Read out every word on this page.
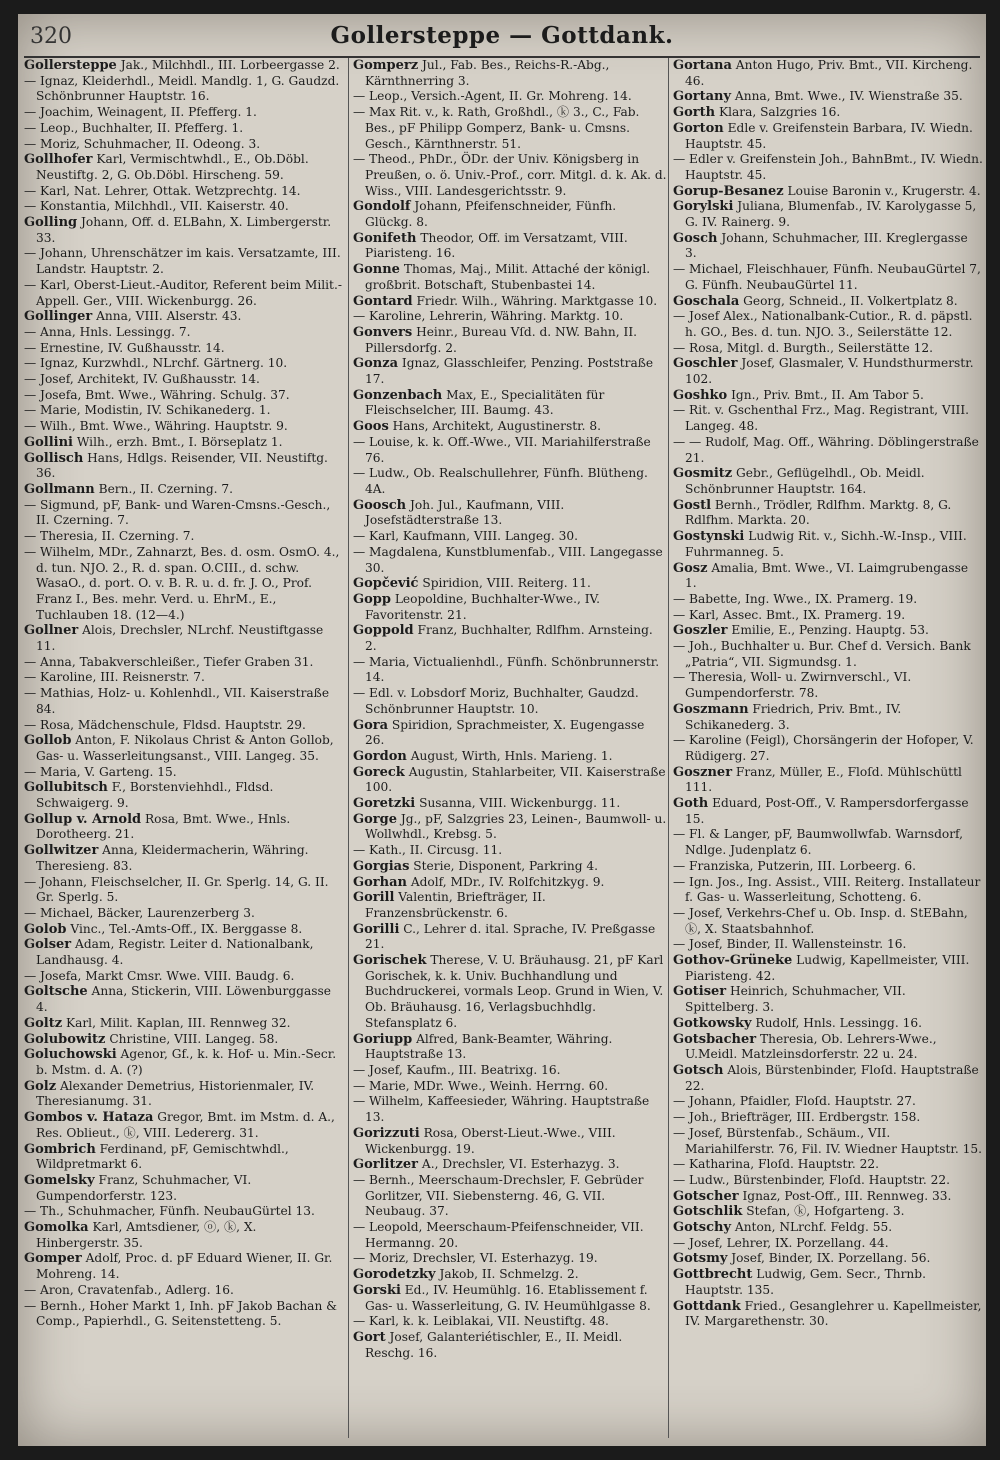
320	Gollersteppe — Gottdank.

Gollersteppe Jak., Milchhdl., III. Lorbeergasse 2.

— Ignaz, Kleiderhdl., Meidl. Mandlg. 1, G. Gaudzd. Schönbrunner Hauptstr. 16.

— Joachim, Weinagent, II. Pfefferg. 1.

— Leop., Buchhalter, II. Pfefferg. 1.

— Moriz, Schuhmacher, II. Odeong. 3.

Gollhofer Karl, Vermischtwhdl., E., Ob.Döbl. Neustiftg. 2, G. Ob.Döbl. Hirscheng. 59.

— Karl, Nat. Lehrer, Ottak. Wetzprechtg. 14.

— Konstantia, Milchhdl., VII. Kaiserstr. 40.

Golling Johann, Off. d. ELBahn, X. Limbergerstr. 33.

— Johann, Uhrenschätzer im kais. Versatzamte, III. Landstr. Hauptstr. 2.

— Karl, Oberst-Lieut.-Auditor, Referent beim Milit.-Appell. Ger., VIII. Wickenburgg. 26.

Gollinger Anna, VIII. Alserstr. 43.

— Anna, Hnls. Lessingg. 7.

— Ernestine, IV. Gußhausstr. 14.

— Ignaz, Kurzwhdl., NLrchf. Gärtnerg. 10.

— Josef, Architekt, IV. Gußhausstr. 14.

— Josefa, Bmt. Wwe., Währing. Schulg. 37.

— Marie, Modistin, IV. Schikanederg. 1.

— Wilh., Bmt. Wwe., Währing. Hauptstr. 9.

Gollini Wilh., erzh. Bmt., I. Börseplatz 1.

Gollisch Hans, Hdlgs. Reisender, VII. Neustiftg. 36.

Gollmann Bern., II. Czerning. 7.

— Sigmund, pF, Bank- und Waren-Cmsns.-Gesch., II. Czerning. 7.

— Theresia, II. Czerning. 7.

— Wilhelm, MDr., Zahnarzt, Bes. d. osm. OsmO. 4., d. tun. NJO. 2., R. d. span. O.CIII., d. schw. WasaO., d. port. O. v. B. R. u. d. fr. J. O., Prof. Franz I., Bes. mehr. Verd. u. EhrM., E., Tuchlauben 18. (12—4.)

Gollner Alois, Drechsler, NLrchf. Neustiftgasse 11.

— Anna, Tabakverschleißer., Tiefer Graben 31.

— Karoline, III. Reisnerstr. 7.

— Mathias, Holz- u. Kohlenhdl., VII. Kaiserstraße 84.

— Rosa, Mädchenschule, Fldsd. Hauptstr. 29.

Gollob Anton, F. Nikolaus Christ & Anton Gollob, Gas- u. Wasserleitungsanst., VIII. Langeg. 35.

— Maria, V. Garteng. 15.

Gollubitsch F., Borstenviehhdl., Fldsd. Schwaigerg. 9.

Gollup v. Arnold Rosa, Bmt. Wwe., Hnls. Dorotheerg. 21.

Gollwitzer Anna, Kleidermacherin, Währing. Theresieng. 83.

— Johann, Fleischselcher, II. Gr. Sperlg. 14, G. II. Gr. Sperlg. 5.

— Michael, Bäcker, Laurenzerberg 3.

Golob Vinc., Tel.-Amts-Off., IX. Berggasse 8.

Golser Adam, Registr. Leiter d. Nationalbank, Landhausg. 4.

— Josefa, Markt Cmsr. Wwe. VIII. Baudg. 6.

Goltsche Anna, Stickerin, VIII. Löwenburggasse 4.

Goltz Karl, Milit. Kaplan, III. Rennweg 32.

Golubowitz Christine, VIII. Langeg. 58.

Goluchowski Agenor, Gf., k. k. Hof- u. Min.-Secr. b. Mstm. d. A. (?)

Golz Alexander Demetrius, Historienmaler, IV. Theresianumg. 31.

Gombos v. Hataza Gregor, Bmt. im Mstm. d. A., Res. Oblieut., ⓚ, VIII. Ledererg. 31.

Gombrich Ferdinand, pF, Gemischtwhdl., Wildpretmarkt 6.

Gomelsky Franz, Schuhmacher, VI. Gumpendorferstr. 123.

— Th., Schuhmacher, Fünfh. NeubauGürtel 13.

Gomolka Karl, Amtsdiener, ⓞ, ⓚ, X. Hinbergerstr. 35.

Gomper Adolf, Proc. d. pF Eduard Wiener, II. Gr. Mohreng. 14.

— Aron, Cravatenfab., Adlerg. 16.

— Bernh., Hoher Markt 1, Inh. pF Jakob Bachan & Comp., Papierhdl., G. Seitenstetteng. 5.

Gomperz Jul., Fab. Bes., Reichs-R.-Abg., Kärnthnerring 3.

— Leop., Versich.-Agent, II. Gr. Mohreng. 14.

— Max Rit. v., k. Rath, Großhdl., ⓚ 3., C., Fab. Bes., pF Philipp Gomperz, Bank- u. Cmsns. Gesch., Kärnthnerstr. 51.

— Theod., PhDr., ÖDr. der Univ. Königsberg in Preußen, o. ö. Univ.-Prof., corr. Mitgl. d. k. Ak. d. Wiss., VIII. Landesgerichtsstr. 9.

Gondolf Johann, Pfeifenschneider, Fünfh. Glückg. 8.

Gonifeth Theodor, Off. im Versatzamt, VIII. Piaristeng. 16.

Gonne Thomas, Maj., Milit. Attaché der königl. großbrit. Botschaft, Stubenbastei 14.

Gontard Friedr. Wilh., Währing. Marktgasse 10.

— Karoline, Lehrerin, Währing. Marktg. 10.

Gonvers Heinr., Bureau Vſd. d. NW. Bahn, II. Pillersdorfg. 2.

Gonza Ignaz, Glasschleifer, Penzing. Poststraße 17.

Gonzenbach Max, E., Specialitäten für Fleischselcher, III. Baumg. 43.

Goos Hans, Architekt, Augustinerstr. 8.

— Louise, k. k. Off.-Wwe., VII. Mariahilferstraße 76.

— Ludw., Ob. Realschullehrer, Fünfh. Blütheng. 4A.

Goosch Joh. Jul., Kaufmann, VIII. Josefstädterstraße 13.

— Karl, Kaufmann, VIII. Langeg. 30.

— Magdalena, Kunstblumenfab., VIII. Langegasse 30.

Gopčević Spiridion, VIII. Reiterg. 11.

Gopp Leopoldine, Buchhalter-Wwe., IV. Favoritenstr. 21.

Goppold Franz, Buchhalter, Rdlfhm. Arnsteing. 2.

— Maria, Victualienhdl., Fünfh. Schönbrunnerstr. 14.

— Edl. v. Lobsdorf Moriz, Buchhalter, Gaudzd. Schönbrunner Hauptstr. 10.

Gora Spiridion, Sprachmeister, X. Eugengasse 26.

Gordon August, Wirth, Hnls. Marieng. 1.

Goreck Augustin, Stahlarbeiter, VII. Kaiserstraße 100.

Goretzki Susanna, VIII. Wickenburgg. 11.

Gorge Jg., pF, Salzgries 23, Leinen-, Baumwoll- u. Wollwhdl., Krebsg. 5.

— Kath., II. Circusg. 11.

Gorgias Sterie, Disponent, Parkring 4.

Gorhan Adolf, MDr., IV. Rolfchitzkyg. 9.

Gorill Valentin, Briefträger, II. Franzensbrückenstr. 6.

Gorilli C., Lehrer d. ital. Sprache, IV. Preßgasse 21.

Gorischek Therese, V. U. Bräuhausg. 21, pF Karl Gorischek, k. k. Univ. Buchhandlung und Buchdruckerei, vormals Leop. Grund in Wien, V. Ob. Bräuhausg. 16, Verlagsbuchhdlg. Stefansplatz 6.

Goriupp Alfred, Bank-Beamter, Währing. Hauptstraße 13.

— Josef, Kaufm., III. Beatrixg. 16.

— Marie, MDr. Wwe., Weinh. Herrng. 60.

— Wilhelm, Kaffeesieder, Währing. Hauptstraße 13.

Gorizzuti Rosa, Oberst-Lieut.-Wwe., VIII. Wickenburgg. 19.

Gorlitzer A., Drechsler, VI. Esterhazyg. 3.

— Bernh., Meerschaum-Drechsler, F. Gebrüder Gorlitzer, VII. Siebensterng. 46, G. VII. Neubaug. 37.

— Leopold, Meerschaum-Pfeifenschneider, VII. Hermanng. 20.

— Moriz, Drechsler, VI. Esterhazyg. 19.

Gorodetzky Jakob, II. Schmelzg. 2.

Gorski Ed., IV. Heumühlg. 16. Etablissement f. Gas- u. Wasserleitung, G. IV. Heumühlgasse 8.

— Karl, k. k. Leiblakai, VII. Neustiftg. 48.

Gort Josef, Galanteriétischler, E., II. Meidl. Reschg. 16.

Gortana Anton Hugo, Priv. Bmt., VII. Kircheng. 46.

Gortany Anna, Bmt. Wwe., IV. Wienstraße 35.

Gorth Klara, Salzgries 16.

Gorton Edle v. Greifenstein Barbara, IV. Wiedn. Hauptstr. 45.

— Edler v. Greifenstein Joh., BahnBmt., IV. Wiedn. Hauptstr. 45.

Gorup-Besanez Louise Baronin v., Krugerstr. 4.

Gorylski Juliana, Blumenfab., IV. Karolygasse 5, G. IV. Rainerg. 9.

Gosch Johann, Schuhmacher, III. Kreglergasse 3.

— Michael, Fleischhauer, Fünfh. NeubauGürtel 7, G. Fünfh. NeubauGürtel 11.

Goschala Georg, Schneid., II. Volkertplatz 8.

— Josef Alex., Nationalbank-Cutior., R. d. päpstl. h. GO., Bes. d. tun. NJO. 3., Seilerstätte 12.

— Rosa, Mitgl. d. Burgth., Seilerstätte 12.

Goschler Josef, Glasmaler, V. Hundsthurmerstr. 102.

Goshko Ign., Priv. Bmt., II. Am Tabor 5.

— Rit. v. Gschenthal Frz., Mag. Registrant, VIII. Langeg. 48.

— — Rudolf, Mag. Off., Währing. Döblingerstraße 21.

Gosmitz Gebr., Geflügelhdl., Ob. Meidl. Schönbrunner Hauptstr. 164.

Gostl Bernh., Trödler, Rdlfhm. Marktg. 8, G. Rdlfhm. Markta. 20.

Gostynski Ludwig Rit. v., Sichh.-W.-Insp., VIII. Fuhrmanneg. 5.

Gosz Amalia, Bmt. Wwe., VI. Laimgrubengasse 1.

— Babette, Ing. Wwe., IX. Pramerg. 19.

— Karl, Assec. Bmt., IX. Pramerg. 19.

Goszler Emilie, E., Penzing. Hauptg. 53.

— Joh., Buchhalter u. Bur. Chef d. Versich. Bank „Patria“, VII. Sigmundsg. 1.

— Theresia, Woll- u. Zwirnverschl., VI. Gumpendorferstr. 78.

Goszmann Friedrich, Priv. Bmt., IV. Schikanederg. 3.

— Karoline (Feigl), Chorsängerin der Hofoper, V. Rüdigerg. 27.

Goszner Franz, Müller, E., Floſd. Mühlschüttl 111.

Goth Eduard, Post-Off., V. Rampersdorfergasse 15.

— Fl. & Langer, pF, Baumwollwfab. Warnsdorf, Ndlge. Judenplatz 6.

— Franziska, Putzerin, III. Lorbeerg. 6.

— Ign. Jos., Ing. Assist., VIII. Reiterg. Installateur f. Gas- u. Wasserleitung, Schotteng. 6.

— Josef, Verkehrs-Chef u. Ob. Insp. d. StEBahn, ⓚ, X. Staatsbahnhof.

— Josef, Binder, II. Wallensteinstr. 16.

Gothov-Grüneke Ludwig, Kapellmeister, VIII. Piaristeng. 42.

Gotiser Heinrich, Schuhmacher, VII. Spittelberg. 3.

Gotkowsky Rudolf, Hnls. Lessingg. 16.

Gotsbacher Theresia, Ob. Lehrers-Wwe., U.Meidl. Matzleinsdorferstr. 22 u. 24.

Gotsch Alois, Bürstenbinder, Floſd. Hauptstraße 22.

— Johann, Pfaidler, Floſd. Hauptstr. 27.

— Joh., Briefträger, III. Erdbergstr. 158.

— Josef, Bürstenfab., Schäum., VII. Mariahilferstr. 76, Fil. IV. Wiedner Hauptstr. 15.

— Katharina, Floſd. Hauptstr. 22.

— Ludw., Bürstenbinder, Floſd. Hauptstr. 22.

Gotscher Ignaz, Post-Off., III. Rennweg. 33.

Gotschlik Stefan, ⓚ, Hofgarteng. 3.

Gotschy Anton, NLrchf. Feldg. 55.

— Josef, Lehrer, IX. Porzellang. 44.

Gotsmy Josef, Binder, IX. Porzellang. 56.

Gottbrecht Ludwig, Gem. Secr., Thrnb. Hauptstr. 135.

Gottdank Fried., Gesanglehrer u. Kapellmeister, IV. Margarethenstr. 30.
